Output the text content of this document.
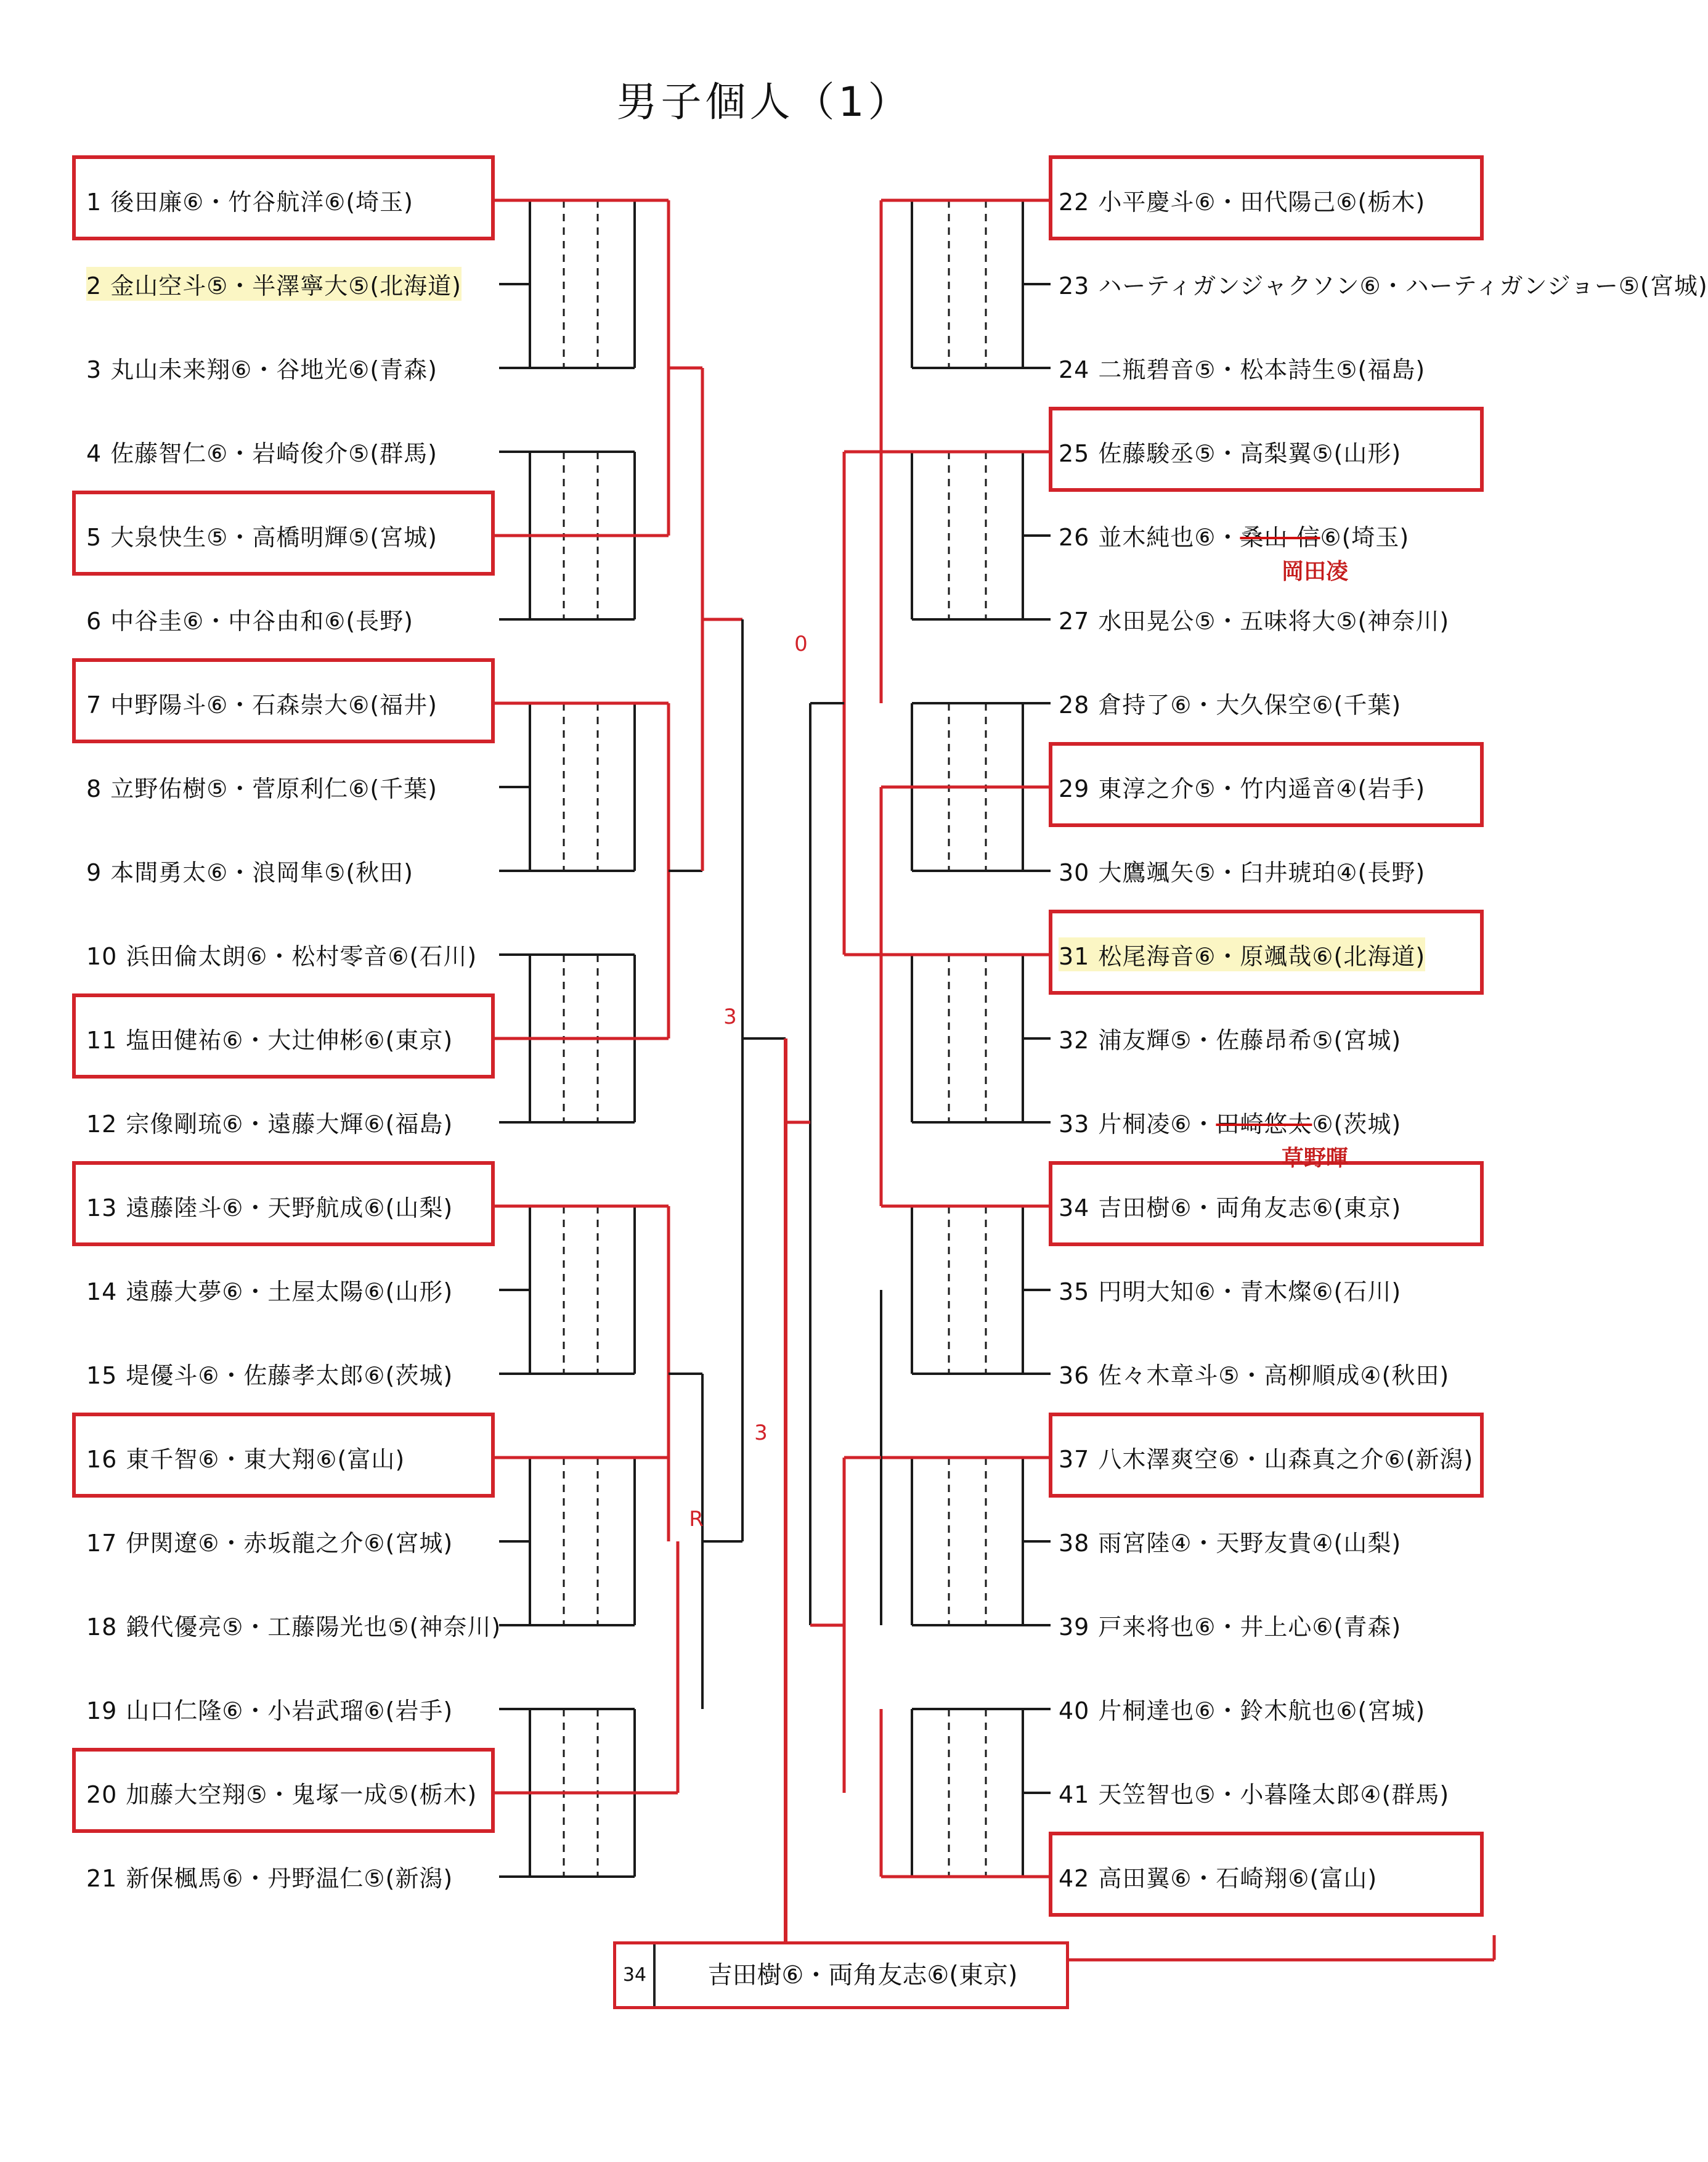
男子個人（1）
1 後田廉⑥・竹谷航洋⑥(埼玉)
2 金山空斗⑤・半澤寧大⑤(北海道)
3 丸山未来翔⑥・谷地光⑥(青森)
4 佐藤智仁⑥・岩崎俊介⑤(群馬)
5 大泉快生⑤・高橋明輝⑤(宮城)
6 中谷圭⑥・中谷由和⑥(長野)
7 中野陽斗⑥・石森崇大⑥(福井)
8 立野佑樹⑤・菅原利仁⑥(千葉)
9 本間勇太⑥・浪岡隼⑤(秋田)
10 浜田倫太朗⑥・松村零音⑥(石川)
11 塩田健祐⑥・大辻伸彬⑥(東京)
12 宗像剛琉⑥・遠藤大輝⑥(福島)
13 遠藤陸斗⑥・天野航成⑥(山梨)
14 遠藤大夢⑥・土屋太陽⑥(山形)
15 堤優斗⑥・佐藤孝太郎⑥(茨城)
16 東千智⑥・東大翔⑥(富山)
17 伊関遼⑥・赤坂龍之介⑥(宮城)
18 鍛代優亮⑤・工藤陽光也⑤(神奈川)
19 山口仁隆⑥・小岩武瑠⑥(岩手)
20 加藤大空翔⑤・鬼塚一成⑤(栃木)
21 新保楓馬⑥・丹野温仁⑤(新潟)
22 小平慶斗⑥・田代陽己⑥(栃木)
23 ハーティガンジャクソン⑥・ハーティガンジョー⑤(宮城)
24 二瓶碧音⑤・松本詩生⑤(福島)
25 佐藤駿丞⑤・高梨翼⑤(山形)
26 並木純也⑥・桑山 信⑥(埼玉)
岡田凌
27 水田晃公⑤・五味将大⑤(神奈川)
28 倉持了⑥・大久保空⑥(千葉)
29 東淳之介⑤・竹内遥音④(岩手)
30 大鷹颯矢⑤・臼井琥珀④(長野)
31 松尾海音⑥・原颯哉⑥(北海道)
32 浦友輝⑤・佐藤昂希⑤(宮城)
33 片桐凌⑥・田崎悠太⑥(茨城)
草野暉
34 吉田樹⑥・両角友志⑥(東京)
35 円明大知⑥・青木燦⑥(石川)
36 佐々木章斗⑤・高柳順成④(秋田)
37 八木澤爽空⑥・山森真之介⑥(新潟)
38 雨宮陸④・天野友貴④(山梨)
39 戸来将也⑥・井上心⑥(青森)
40 片桐達也⑥・鈴木航也⑥(宮城)
41 天笠智也⑤・小暮隆太郎④(群馬)
42 高田翼⑥・石崎翔⑥(富山)
3
3
R
0
34	吉田樹⑥・両角友志⑥(東京)
